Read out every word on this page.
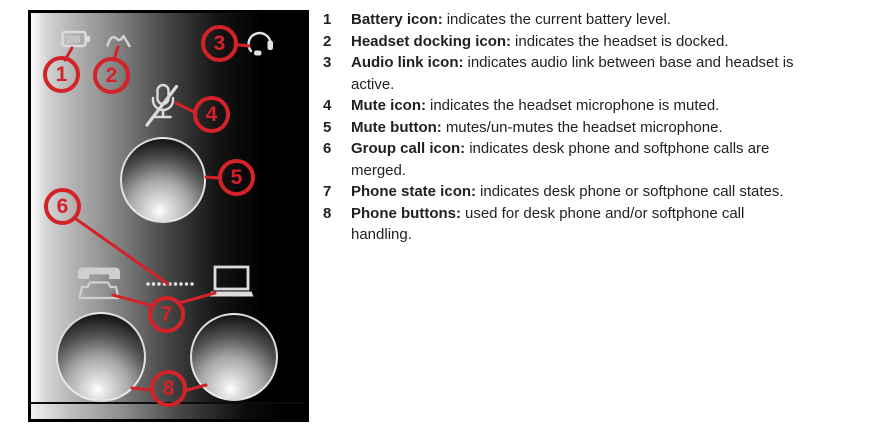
1	2
3
4
5
6
7
8
1	Battery icon: indicates the current battery level.

2	Headset docking icon: indicates the headset is docked.

3	Audio link icon: indicates audio link between base and headset is
active.

4	Mute icon: indicates the headset microphone is muted.

5	Mute button: mutes/un-mutes the headset microphone.

6	Group call icon: indicates desk phone and softphone calls are
merged.

7	Phone state icon: indicates desk phone or softphone call states.

8	Phone buttons: used for desk phone and/or softphone call
handling.
